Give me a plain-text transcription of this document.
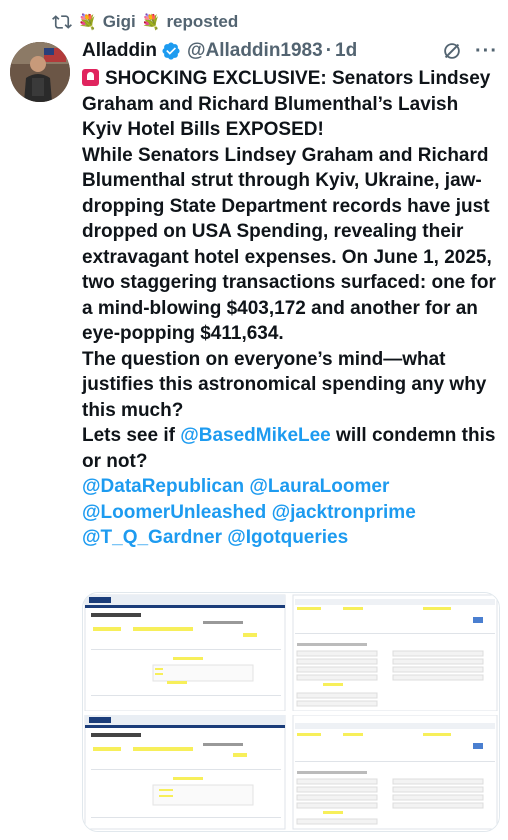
💐 Gigi 💐 reposted
Alladdin @Alladdin1983 · 1d	···

SHOCKING EXCLUSIVE: Senators Lindsey Graham and Richard Blumenthal’s Lavish Kyiv Hotel Bills EXPOSED!

While Senators Lindsey Graham and Richard Blumenthal strut through Kyiv, Ukraine, jaw-dropping State Department records have just dropped on USA Spending, revealing their extravagant hotel expenses. On June 1, 2025, two staggering transactions surfaced: one for a mind-blowing $403,172 and another for an eye-popping $411,634.

The question on everyone’s mind—what justifies this astronomical spending any why this much?

Lets see if @BasedMikeLee will condemn this or not?

@DataRepublican @LauraLoomer @LoomerUnleashed @jacktronprime @T_Q_Gardner @Igotqueries
